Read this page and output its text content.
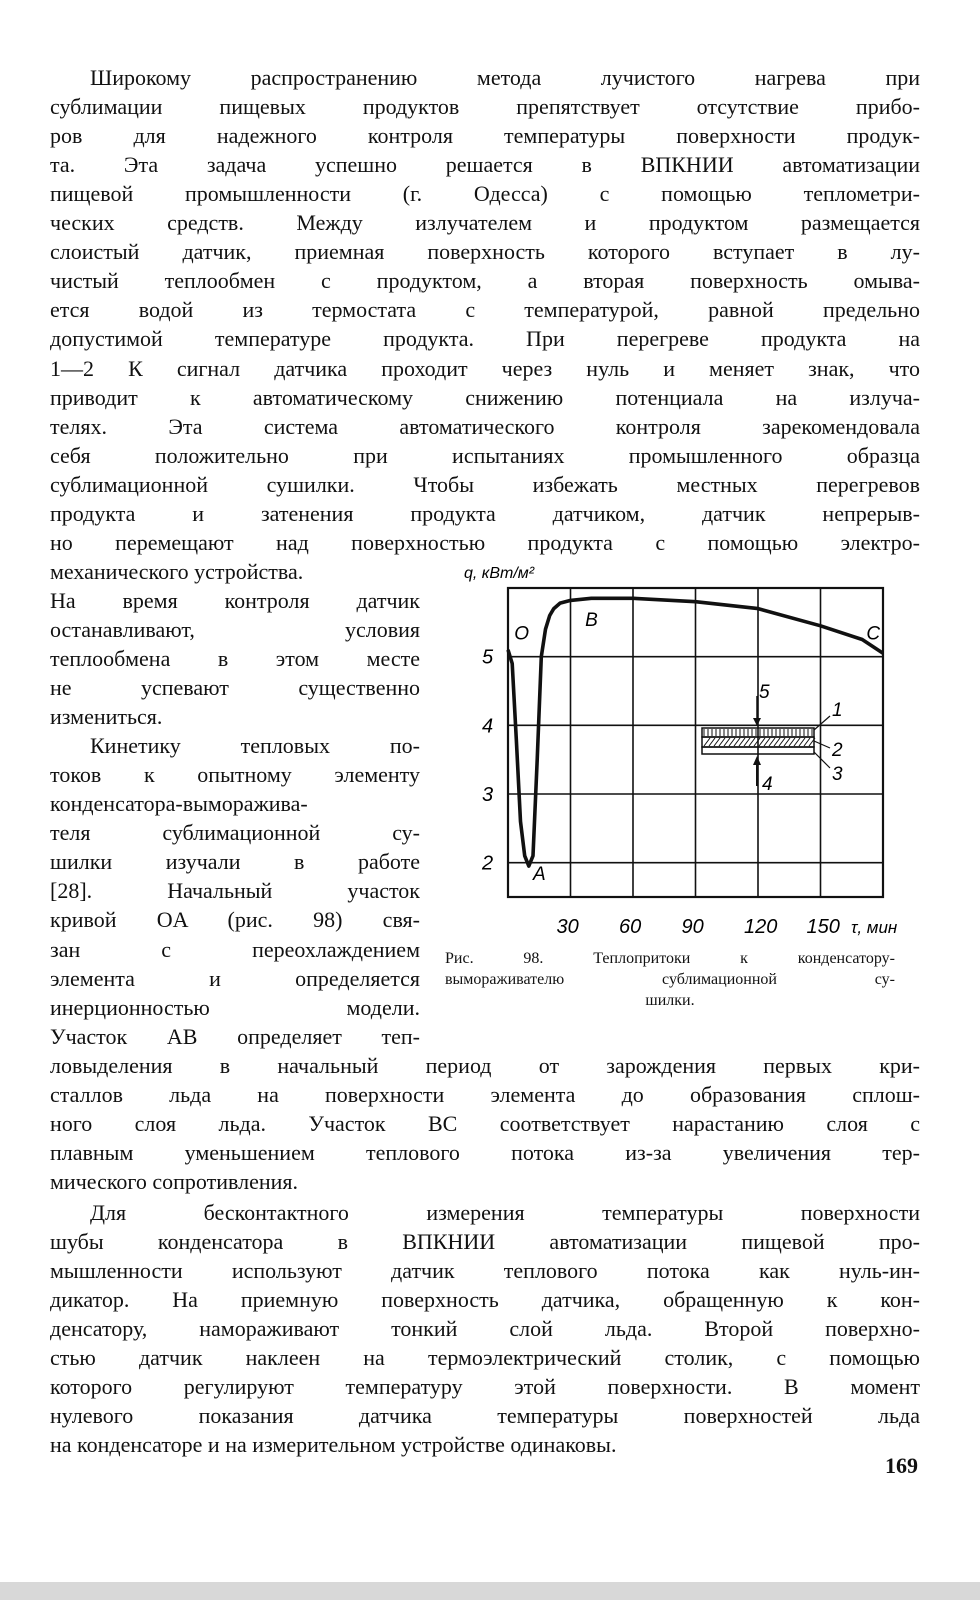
Широкому распространению метода лучистого нагрева при
сублимации пищевых продуктов препятствует отсутствие прибо-
ров для надежного контроля температуры поверхности продук-
та. Эта задача успешно решается в ВПКНИИ автоматизации
пищевой промышленности (г. Одесса) с помощью теплометри-
ческих средств. Между излучателем и продуктом размещается
слоистый датчик, приемная поверхность которого вступает в лу-
чистый теплообмен с продуктом, а вторая поверхность омыва-
ется водой из термостата с температурой, равной предельно
допустимой температуре продукта. При перегреве продукта на
1—2 К сигнал датчика проходит через нуль и меняет знак, что
приводит к автоматическому снижению потенциала на излуча-
телях. Эта система автоматического контроля зарекомендовала
себя положительно при испытаниях промышленного образца
сублимационной сушилки. Чтобы избежать местных перегревов
продукта и затенения продукта датчиком, датчик непрерыв-
но перемещают над поверхностью продукта с помощью электро-
механического устройства.
На время контроля датчик
останавливают, условия
теплообмена в этом месте
не успевают существенно
измениться.
Кинетику тепловых по-
токов к опытному элементу
конденсатора-выморажива-
теля сублимационной су-
шилки изучали в работе
[28]. Начальный участок
кривой OA (рис. 98) свя-
зан с переохлаждением
элемента и определяется
инерционностью модели.
Участок AB определяет теп-
ловыделения в начальный период от зарождения первых кри-
сталлов льда на поверхности элемента до образования сплош-
ного слоя льда. Участок BC соответствует нарастанию слоя с
плавным уменьшением теплового потока из-за увеличения тер-
мического сопротивления.
Для бесконтактного измерения температуры поверхности
шубы конденсатора в ВПКНИИ автоматизации пищевой про-
мышленности используют датчик теплового потока как нуль-ин-
дикатор. На приемную поверхность датчика, обращенную к кон-
денсатору, намораживают тонкий слой льда. Второй поверхно-
стью датчик наклеен на термоэлектрический столик, с помощью
которого регулируют температуру этой поверхности. В момент
нулевого показания датчика температуры поверхностей льда
на конденсаторе и на измерительном устройстве одинаковы.
30 60 90 120 150
2
3
4
5
τ, мин
q, кВт/м²
O
A
B
C
1
2
3
4
5
Рис. 98. Теплопритоки к конденсатору-
вымораживателю сублимационной су-
шилки.
169
